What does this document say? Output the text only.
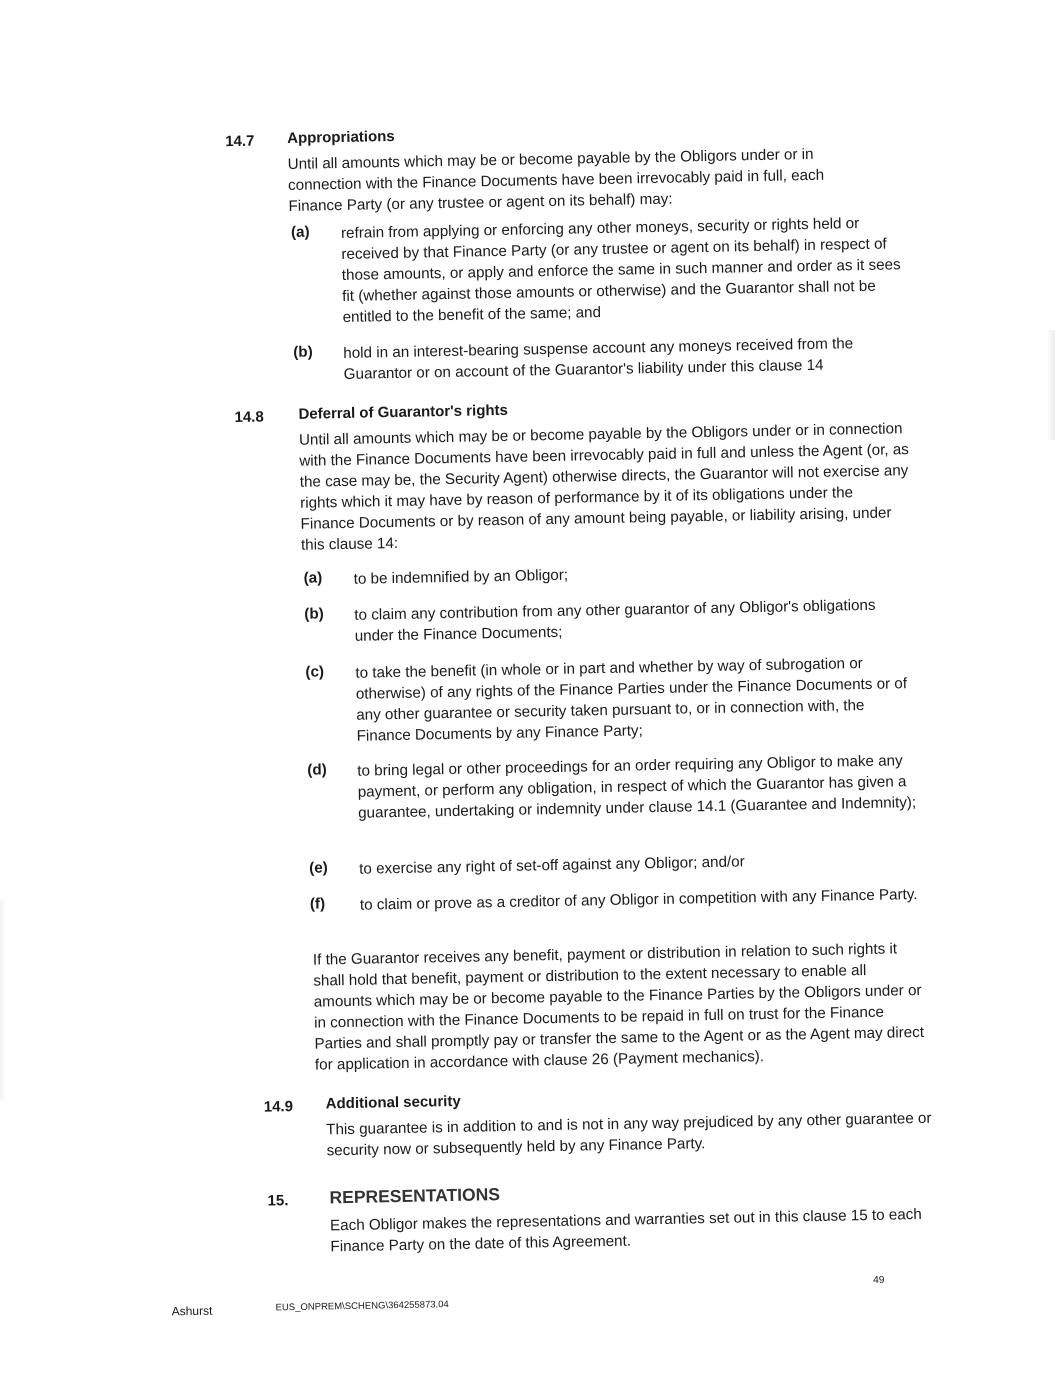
14.7 Appropriations

Until all amounts which may be or become payable by the Obligors under or in connection with the Finance Documents have been irrevocably paid in full, each Finance Party (or any trustee or agent on its behalf) may:

(a) refrain from applying or enforcing any other moneys, security or rights held or received by that Finance Party (or any trustee or agent on its behalf) in respect of those amounts, or apply and enforce the same in such manner and order as it sees fit (whether against those amounts or otherwise) and the Guarantor shall not be entitled to the benefit of the same; and

(b) hold in an interest-bearing suspense account any moneys received from the Guarantor or on account of the Guarantor's liability under this clause 14

14.8 Deferral of Guarantor's rights

Until all amounts which may be or become payable by the Obligors under or in connection with the Finance Documents have been irrevocably paid in full and unless the Agent (or, as the case may be, the Security Agent) otherwise directs, the Guarantor will not exercise any rights which it may have by reason of performance by it of its obligations under the Finance Documents or by reason of any amount being payable, or liability arising, under this clause 14:

(a) to be indemnified by an Obligor;

(b) to claim any contribution from any other guarantor of any Obligor's obligations under the Finance Documents;

(c) to take the benefit (in whole or in part and whether by way of subrogation or otherwise) of any rights of the Finance Parties under the Finance Documents or of any other guarantee or security taken pursuant to, or in connection with, the Finance Documents by any Finance Party;

(d) to bring legal or other proceedings for an order requiring any Obligor to make any payment, or perform any obligation, in respect of which the Guarantor has given a guarantee, undertaking or indemnity under clause 14.1 (Guarantee and Indemnity);

(e) to exercise any right of set-off against any Obligor; and/or

(f) to claim or prove as a creditor of any Obligor in competition with any Finance Party.

If the Guarantor receives any benefit, payment or distribution in relation to such rights it shall hold that benefit, payment or distribution to the extent necessary to enable all amounts which may be or become payable to the Finance Parties by the Obligors under or in connection with the Finance Documents to be repaid in full on trust for the Finance Parties and shall promptly pay or transfer the same to the Agent or as the Agent may direct for application in accordance with clause 26 (Payment mechanics).

14.9 Additional security

This guarantee is in addition to and is not in any way prejudiced by any other guarantee or security now or subsequently held by any Finance Party.

15. REPRESENTATIONS

Each Obligor makes the representations and warranties set out in this clause 15 to each Finance Party on the date of this Agreement.

Ashurst	EUS_ONPREM\SCHENG\364255873.04
49
